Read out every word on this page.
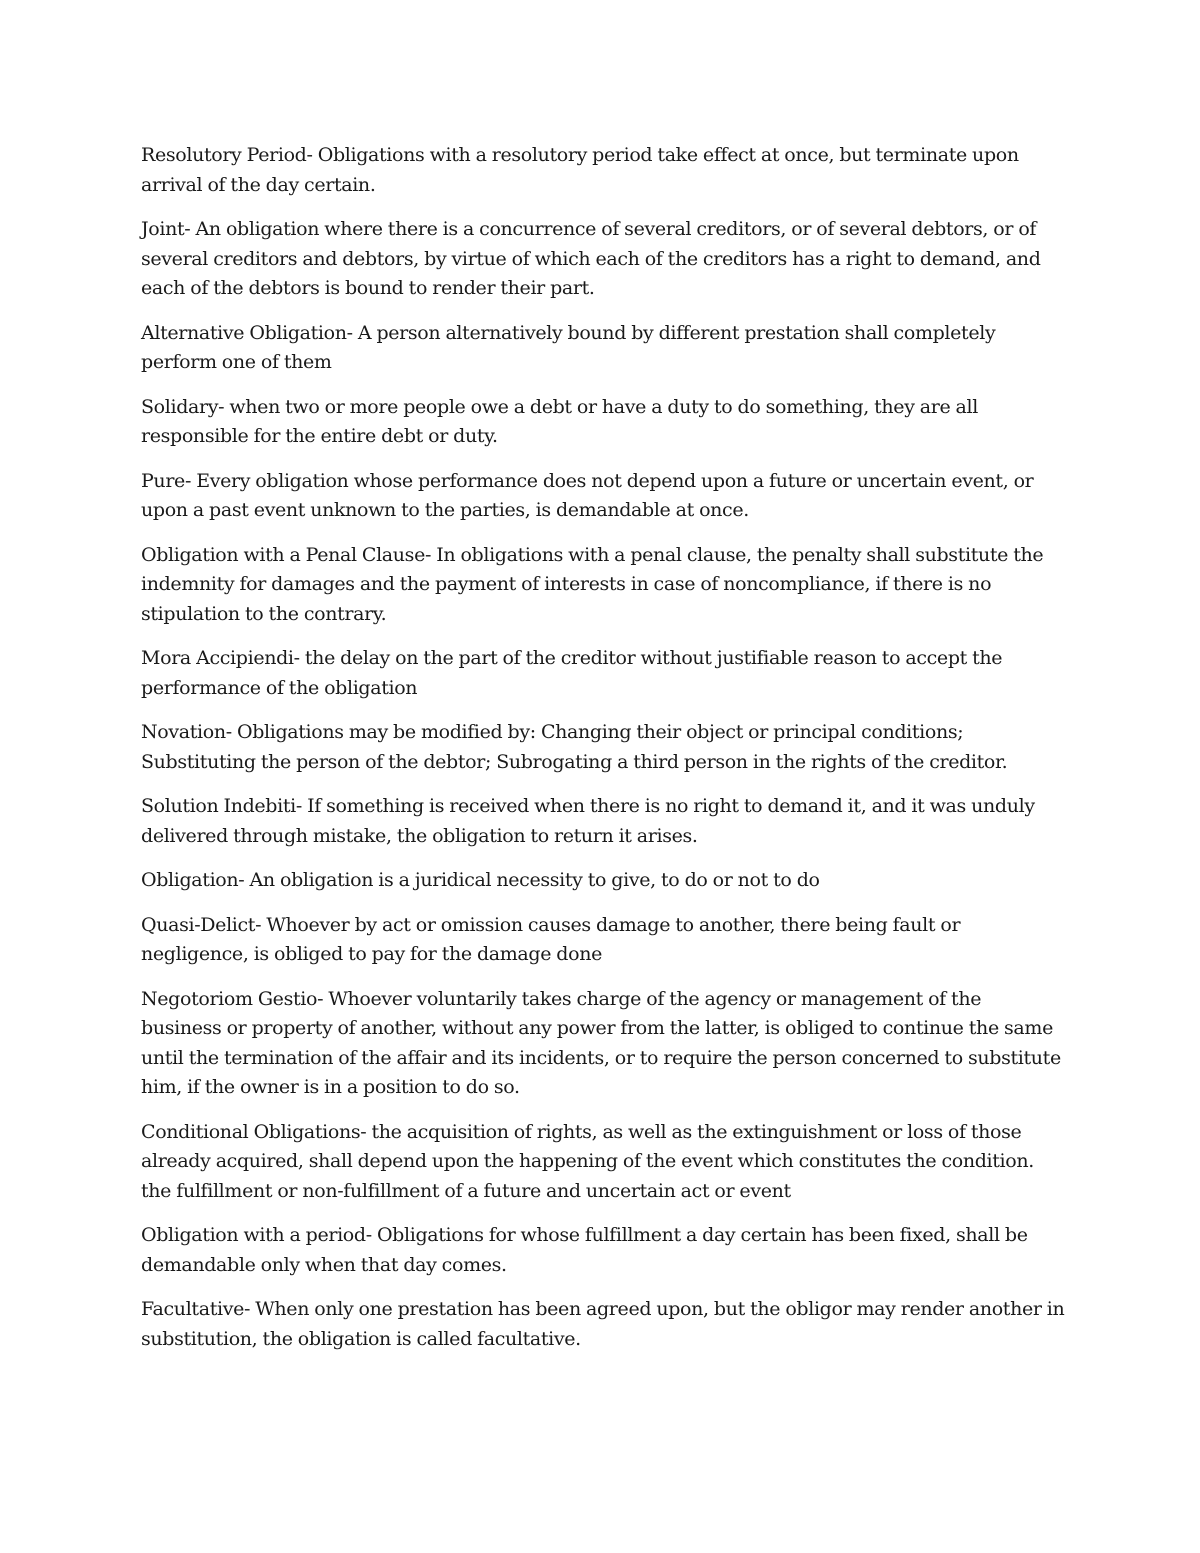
Resolutory Period- Obligations with a resolutory period take effect at once, but terminate upon arrival of the day certain.

Joint- An obligation where there is a concurrence of several creditors, or of several debtors, or of several creditors and debtors, by virtue of which each of the creditors has a right to demand, and each of the debtors is bound to render their part.

Alternative Obligation- A person alternatively bound by different prestation shall completely perform one of them

Solidary- when two or more people owe a debt or have a duty to do something, they are all responsible for the entire debt or duty.

Pure- Every obligation whose performance does not depend upon a future or uncertain event, or upon a past event unknown to the parties, is demandable at once.

Obligation with a Penal Clause- In obligations with a penal clause, the penalty shall substitute the indemnity for damages and the payment of interests in case of noncompliance, if there is no stipulation to the contrary.

Mora Accipiendi- the delay on the part of the creditor without justifiable reason to accept the performance of the obligation

Novation- Obligations may be modified by: Changing their object or principal conditions; Substituting the person of the debtor; Subrogating a third person in the rights of the creditor.

Solution Indebiti- If something is received when there is no right to demand it, and it was unduly delivered through mistake, the obligation to return it arises.

Obligation- An obligation is a juridical necessity to give, to do or not to do

Quasi-Delict- Whoever by act or omission causes damage to another, there being fault or negligence, is obliged to pay for the damage done

Negotoriom Gestio- Whoever voluntarily takes charge of the agency or management of the business or property of another, without any power from the latter, is obliged to continue the same until the termination of the affair and its incidents, or to require the person concerned to substitute him, if the owner is in a position to do so.

Conditional Obligations- the acquisition of rights, as well as the extinguishment or loss of those already acquired, shall depend upon the happening of the event which constitutes the condition. the fulfillment or non-fulfillment of a future and uncertain act or event

Obligation with a period- Obligations for whose fulfillment a day certain has been fixed, shall be demandable only when that day comes.

Facultative- When only one prestation has been agreed upon, but the obligor may render another in substitution, the obligation is called facultative.
